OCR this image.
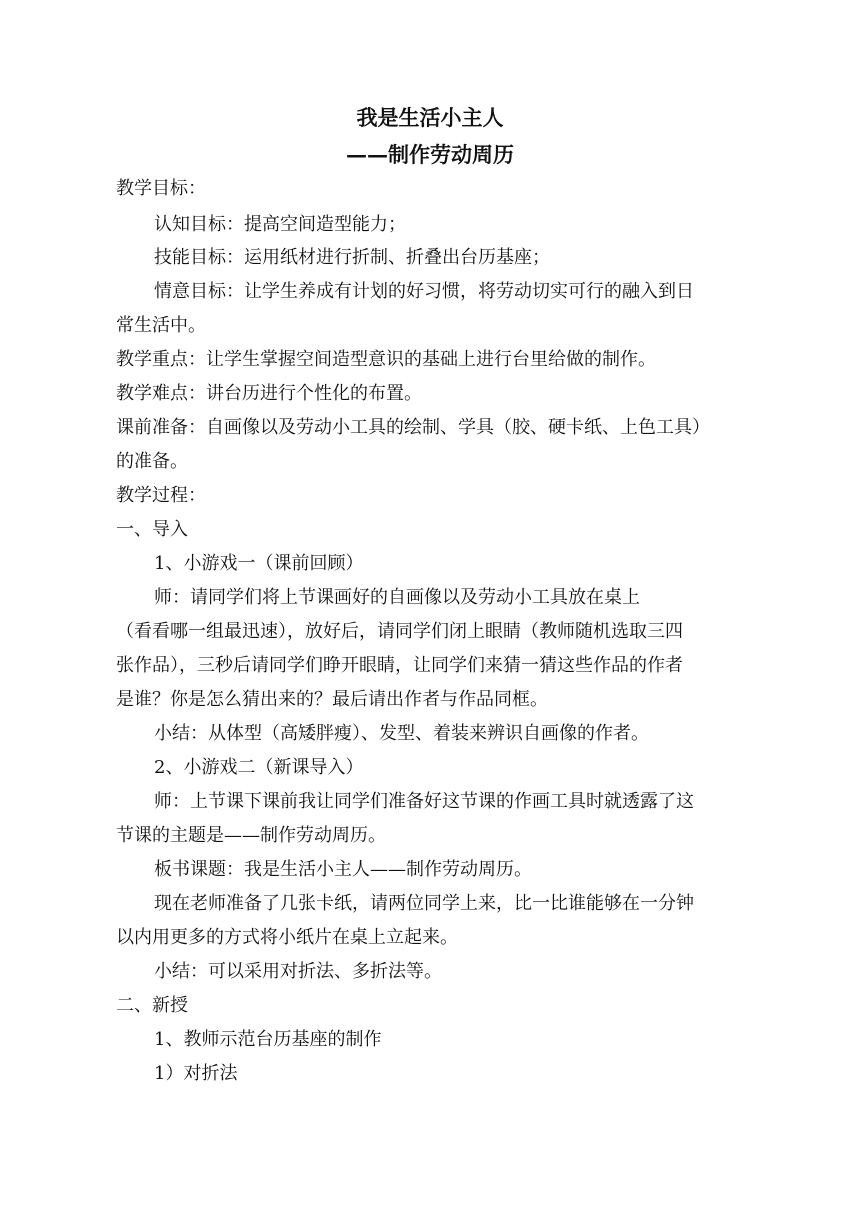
我是生活小主人
——制作劳动周历
教学目标：
认知目标：提高空间造型能力；
技能目标：运用纸材进行折制、折叠出台历基座；
情意目标：让学生养成有计划的好习惯，将劳动切实可行的融入到日
常生活中。
教学重点：让学生掌握空间造型意识的基础上进行台里给做的制作。
教学难点：讲台历进行个性化的布置。
课前准备：自画像以及劳动小工具的绘制、学具（胶、硬卡纸、上色工具）
的准备。
教学过程：
一、导入
1、小游戏一（课前回顾）
师：请同学们将上节课画好的自画像以及劳动小工具放在桌上
（看看哪一组最迅速），放好后，请同学们闭上眼睛（教师随机选取三四
张作品），三秒后请同学们睁开眼睛，让同学们来猜一猜这些作品的作者
是谁？你是怎么猜出来的？最后请出作者与作品同框。
小结：从体型（高矮胖瘦）、发型、着装来辨识自画像的作者。
2、小游戏二（新课导入）
师：上节课下课前我让同学们准备好这节课的作画工具时就透露了这
节课的主题是——制作劳动周历。
板书课题：我是生活小主人——制作劳动周历。
现在老师准备了几张卡纸，请两位同学上来，比一比谁能够在一分钟
以内用更多的方式将小纸片在桌上立起来。
小结：可以采用对折法、多折法等。
二、新授
1、教师示范台历基座的制作
1）对折法
